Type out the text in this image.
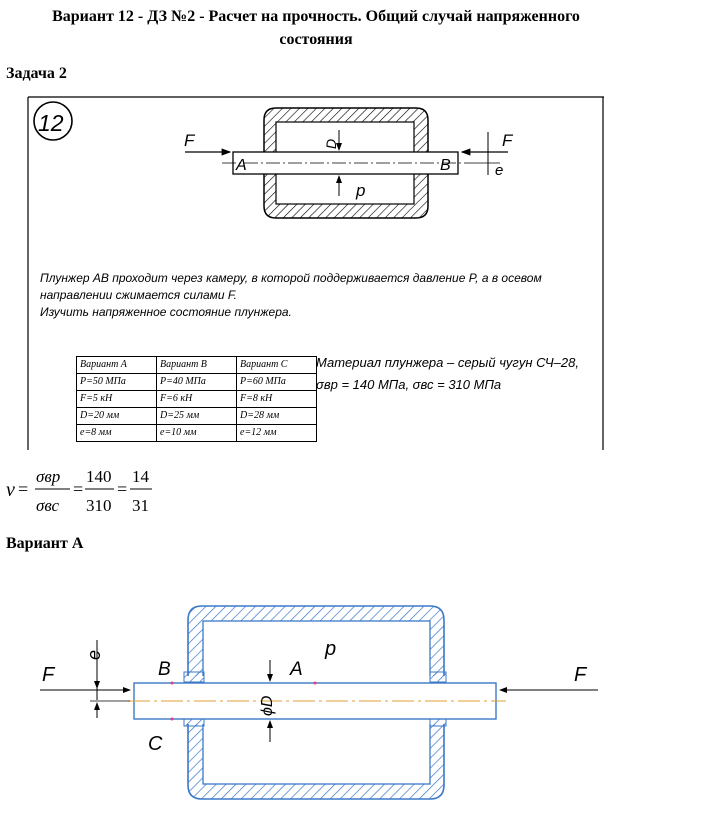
Вариант 12 - ДЗ №2 - Расчет на прочность. Общий случай напряженного
состояния
Задача 2
F	F
A	B
D
p
e
12
F	F
e
B	A
p
C
ϕD
Плунжер AB проходит через камеру, в которой поддерживается давление P, а в осевом
направлении сжимается силами F.
Изучить напряженное состояние плунжера.
Вариант A	Вариант B	Вариант C
P=50 МПа	P=40 МПа	P=60 МПа
F=5 кН	F=6 кН	F=8 кН
D=20 мм	D=25 мм	D=28 мм
e=8 мм	e=10 мм	e=12 мм
Материал плунжера – серый чугун СЧ–28,
σвр = 140 МПа, σвс = 310 МПа
ν =
σвр
σвс
=
140
310
=
14
31
Вариант А
